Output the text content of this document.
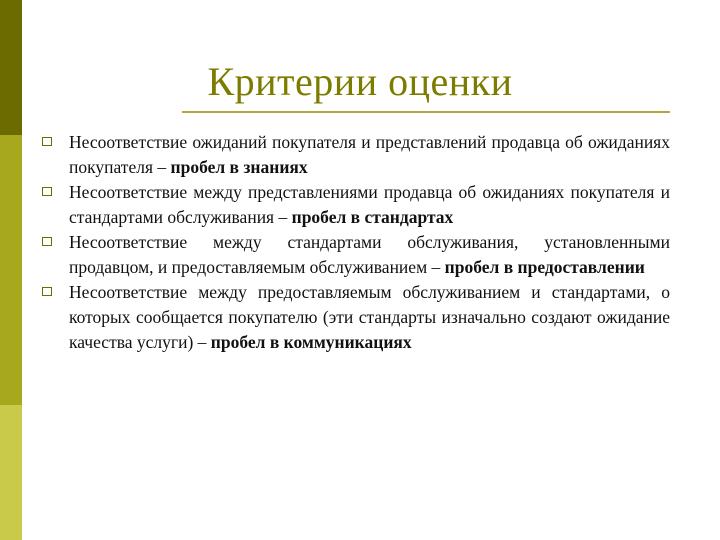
Критерии оценки
Несоответствие ожиданий покупателя и представлений продавца об ожиданиях покупателя – пробел в знаниях
Несоответствие между представлениями продавца об ожиданиях покупателя и стандартами обслуживания – пробел в стандартах
Несоответствие между стандартами обслуживания, установленными продавцом, и предоставляемым обслуживанием – пробел в предоставлении
Несоответствие между предоставляемым обслуживанием и стандартами, о которых сообщается покупателю (эти стандарты изначально создают ожидание качества услуги) – пробел в коммуникациях
